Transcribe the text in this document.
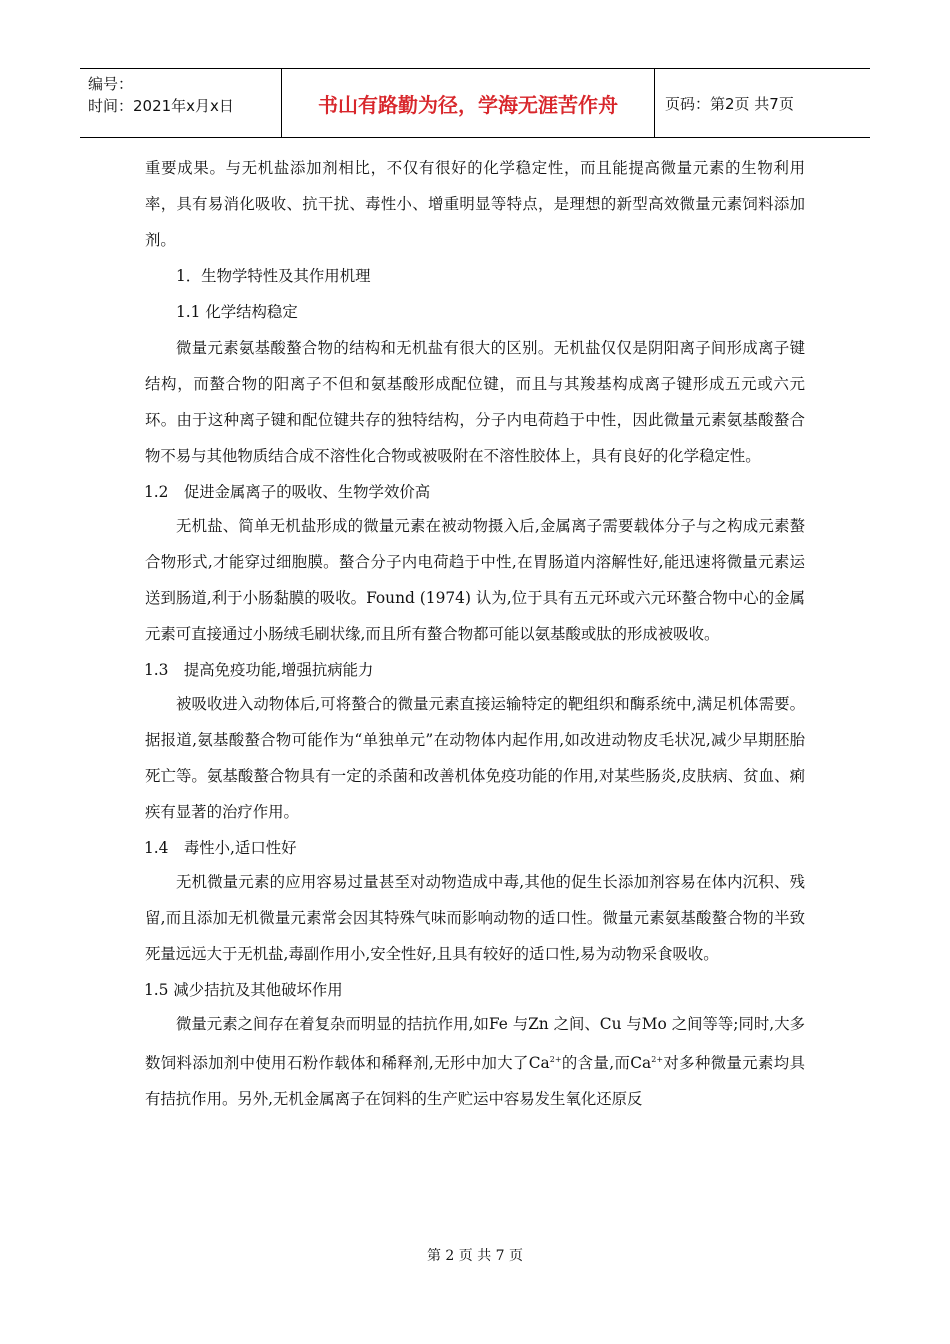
编号：
时间：2021年x月x日	书山有路勤为径，学海无涯苦作舟	页码：第2页 共7页

重要成果。与无机盐添加剂相比，不仅有很好的化学稳定性，而且能提高微量元素的生物利用率，具有易消化吸收、抗干扰、毒性小、增重明显等特点，是理想的新型高效微量元素饲料添加剂。

1．生物学特性及其作用机理

1.1 化学结构稳定

微量元素氨基酸螯合物的结构和无机盐有很大的区别。无机盐仅仅是阴阳离子间形成离子键结构，而螯合物的阳离子不但和氨基酸形成配位键，而且与其羧基构成离子键形成五元或六元环。由于这种离子键和配位键共存的独特结构，分子内电荷趋于中性，因此微量元素氨基酸螯合物不易与其他物质结合成不溶性化合物或被吸附在不溶性胶体上，具有良好的化学稳定性。

1.2　促进金属离子的吸收、生物学效价高

无机盐、简单无机盐形成的微量元素在被动物摄入后,金属离子需要载体分子与之构成元素螯合物形式,才能穿过细胞膜。螯合分子内电荷趋于中性,在胃肠道内溶解性好,能迅速将微量元素运送到肠道,利于小肠黏膜的吸收。Found (1974) 认为,位于具有五元环或六元环螯合物中心的金属元素可直接通过小肠绒毛刷状缘,而且所有螯合物都可能以氨基酸或肽的形成被吸收。

1.3　提高免疫功能,增强抗病能力

被吸收进入动物体后,可将螯合的微量元素直接运输特定的靶组织和酶系统中,满足机体需要。据报道,氨基酸螯合物可能作为“单独单元”在动物体内起作用,如改进动物皮毛状况,减少早期胚胎死亡等。氨基酸螯合物具有一定的杀菌和改善机体免疫功能的作用,对某些肠炎,皮肤病、贫血、痢疾有显著的治疗作用。

1.4　毒性小,适口性好

无机微量元素的应用容易过量甚至对动物造成中毒,其他的促生长添加剂容易在体内沉积、残留,而且添加无机微量元素常会因其特殊气味而影响动物的适口性。微量元素氨基酸螯合物的半致死量远远大于无机盐,毒副作用小,安全性好,且具有较好的适口性,易为动物采食吸收。

1.5 减少拮抗及其他破坏作用

微量元素之间存在着复杂而明显的拮抗作用,如Fe 与Zn 之间、Cu 与Mo 之间等等;同时,大多数饲料添加剂中使用石粉作载体和稀释剂,无形中加大了$Ca^{2+}$的含量,而$Ca^{2+}$对多种微量元素均具有拮抗作用。另外,无机金属离子在饲料的生产贮运中容易发生氧化还原反

第 2 页 共 7 页
